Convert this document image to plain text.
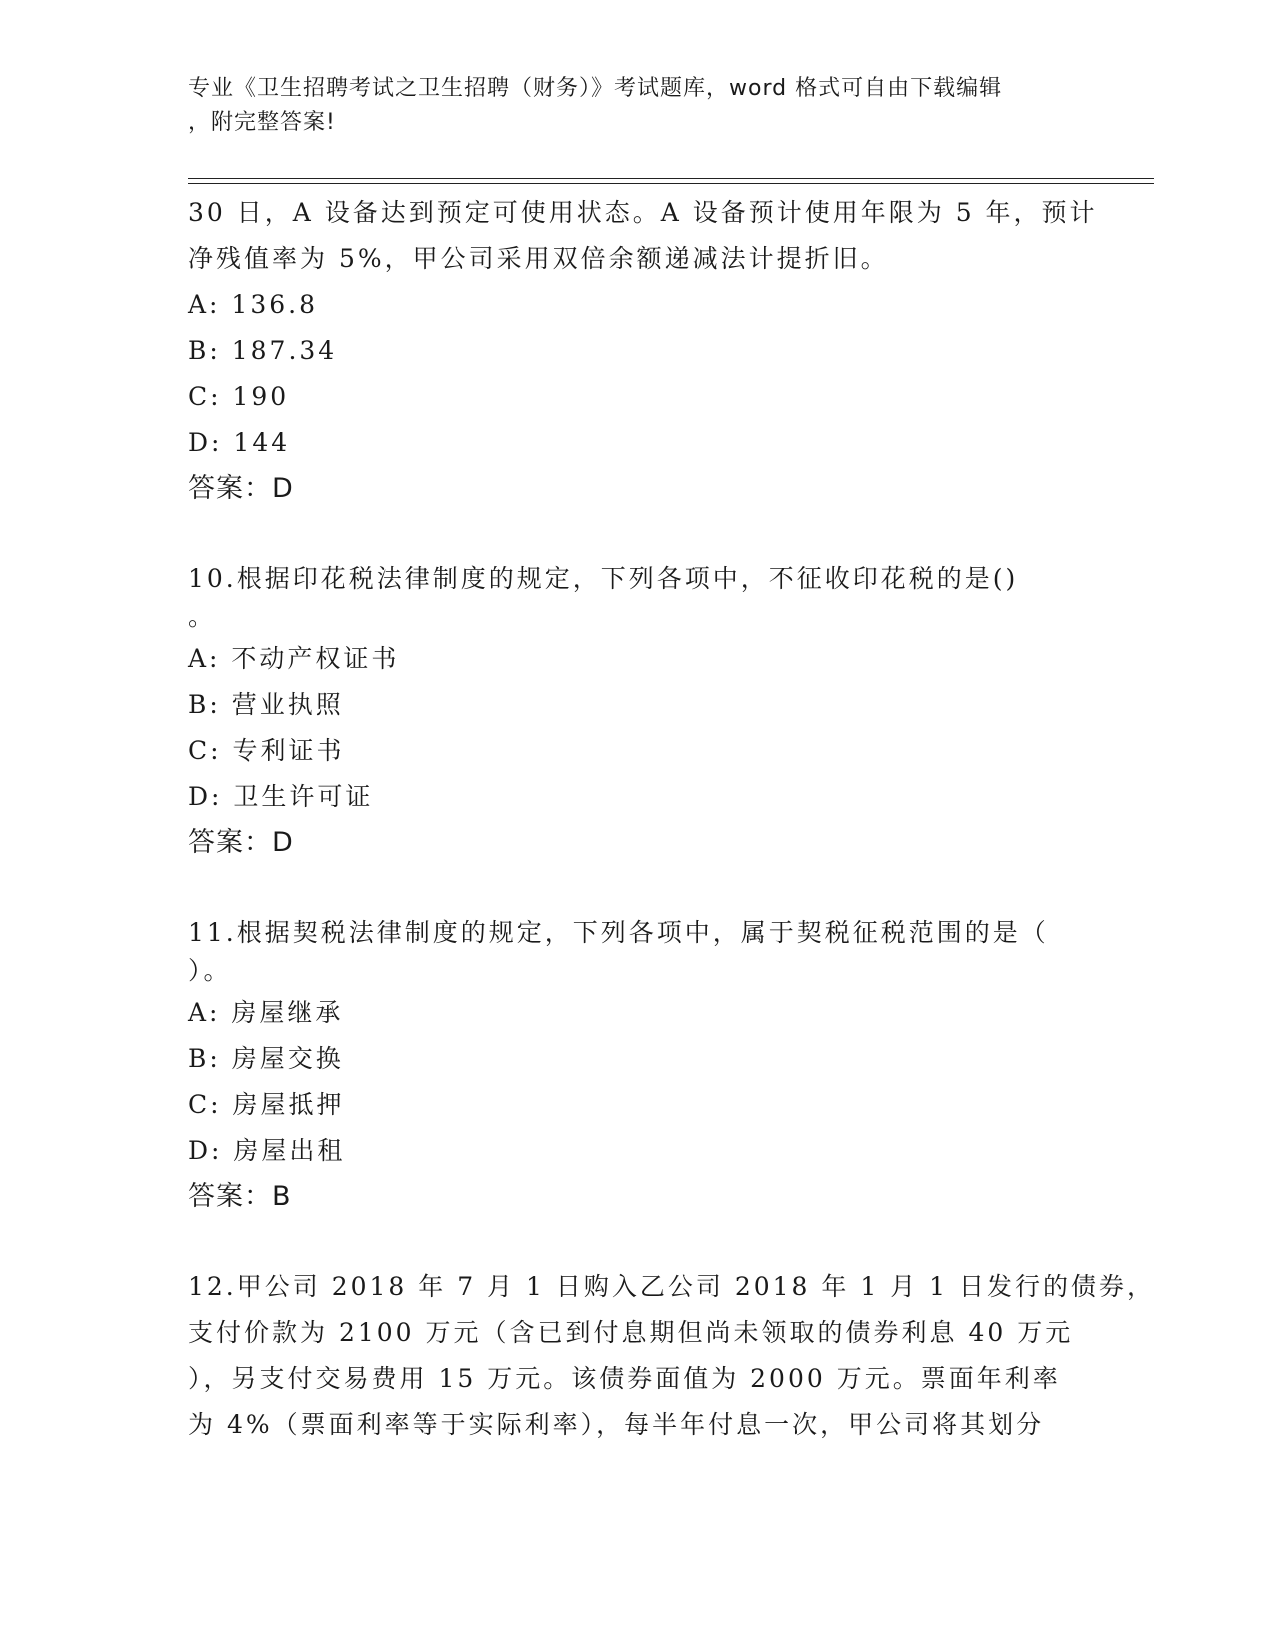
专业《卫生招聘考试之卫生招聘（财务）》考试题库，word 格式可自由下载编辑
，附完整答案!
30 日，A 设备达到预定可使用状态。A 设备预计使用年限为 5 年，预计
净残值率为 5%，甲公司采用双倍余额递减法计提折旧。
A: 136.8
B: 187.34
C: 190
D: 144
答案：D
10.根据印花税法律制度的规定，下列各项中，不征收印花税的是()
。
A: 不动产权证书
B: 营业执照
C: 专利证书
D: 卫生许可证
答案：D
11.根据契税法律制度的规定，下列各项中，属于契税征税范围的是（
）。
A: 房屋继承
B: 房屋交换
C: 房屋抵押
D: 房屋出租
答案：B
12.甲公司 2018 年 7 月 1 日购入乙公司 2018 年 1 月 1 日发行的债券，
支付价款为 2100 万元（含已到付息期但尚未领取的债券利息 40 万元
），另支付交易费用 15 万元。该债券面值为 2000 万元。票面年利率
为 4%（票面利率等于实际利率），每半年付息一次，甲公司将其划分
